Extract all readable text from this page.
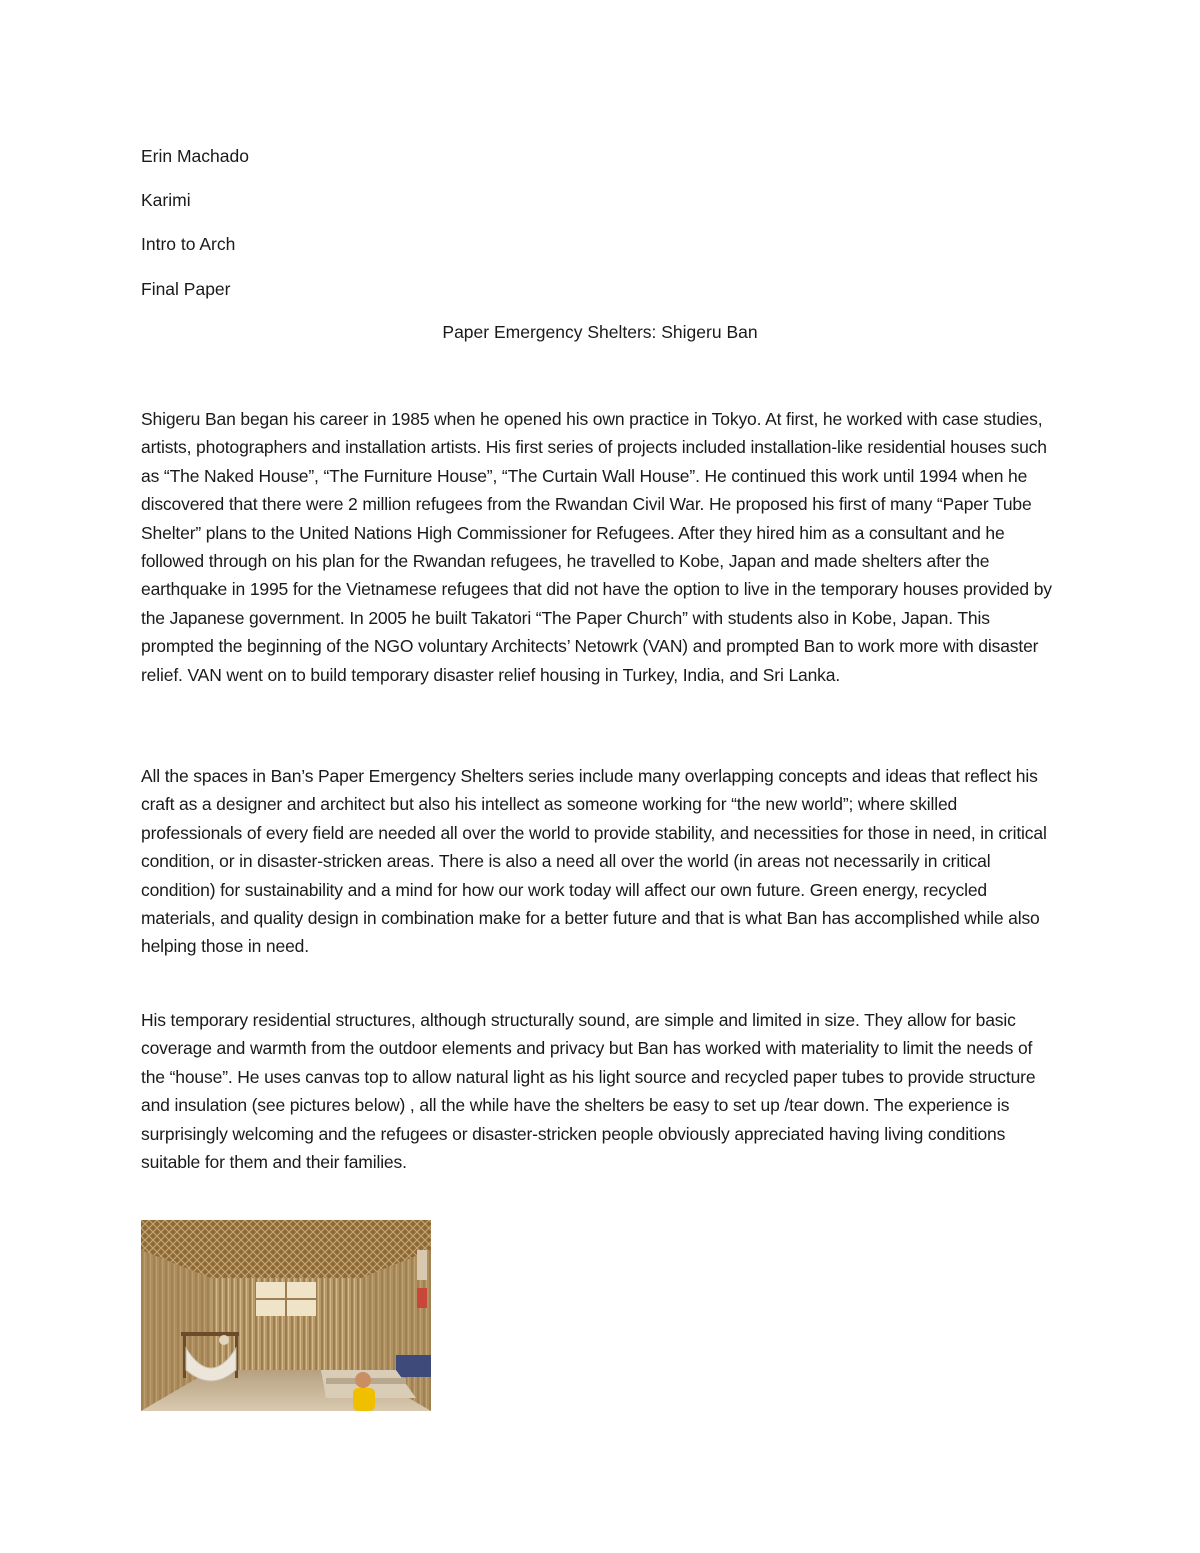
Erin Machado
Karimi
Intro to Arch
Final Paper
Paper Emergency Shelters: Shigeru Ban

Shigeru Ban began his career in 1985 when he opened his own practice in Tokyo. At first, he worked with case studies, artists, photographers and installation artists. His first series of projects included installation-like residential houses such as “The Naked House”, “The Furniture House”, “The Curtain Wall House”. He continued this work until 1994 when he discovered that there were 2 million refugees from the Rwandan Civil War. He proposed his first of many “Paper Tube Shelter” plans to the United Nations High Commissioner for Refugees. After they hired him as a consultant and he followed through on his plan for the Rwandan refugees, he travelled to Kobe, Japan and made shelters after the earthquake in 1995 for the Vietnamese refugees that did not have the option to live in the temporary houses provided by the Japanese government. In 2005 he built Takatori “The Paper Church” with students also in Kobe, Japan. This prompted the beginning of the NGO voluntary Architects’ Netowrk (VAN) and prompted Ban to work more with disaster relief. VAN went on to build temporary disaster relief housing in Turkey, India, and Sri Lanka.

All the spaces in Ban’s Paper Emergency Shelters series include many overlapping concepts and ideas that reflect his craft as a designer and architect but also his intellect as someone working for “the new world”; where skilled professionals of every field are needed all over the world to provide stability, and necessities for those in need, in critical condition, or in disaster-stricken areas. There is also a need all over the world (in areas not necessarily in critical condition) for sustainability and a mind for how our work today will affect our own future. Green energy, recycled materials, and quality design in combination make for a better future and that is what Ban has accomplished while also helping those in need.

His temporary residential structures, although structurally sound, are simple and limited in size. They allow for basic coverage and warmth from the outdoor elements and privacy but Ban has worked with materiality to limit the needs of the “house”. He uses canvas top to allow natural light as his light source and recycled paper tubes to provide structure and insulation (see pictures below) , all the while have the shelters be easy to set up /tear down. The experience is surprisingly welcoming and the refugees or disaster-stricken people obviously appreciated having living conditions suitable for them and their families.
